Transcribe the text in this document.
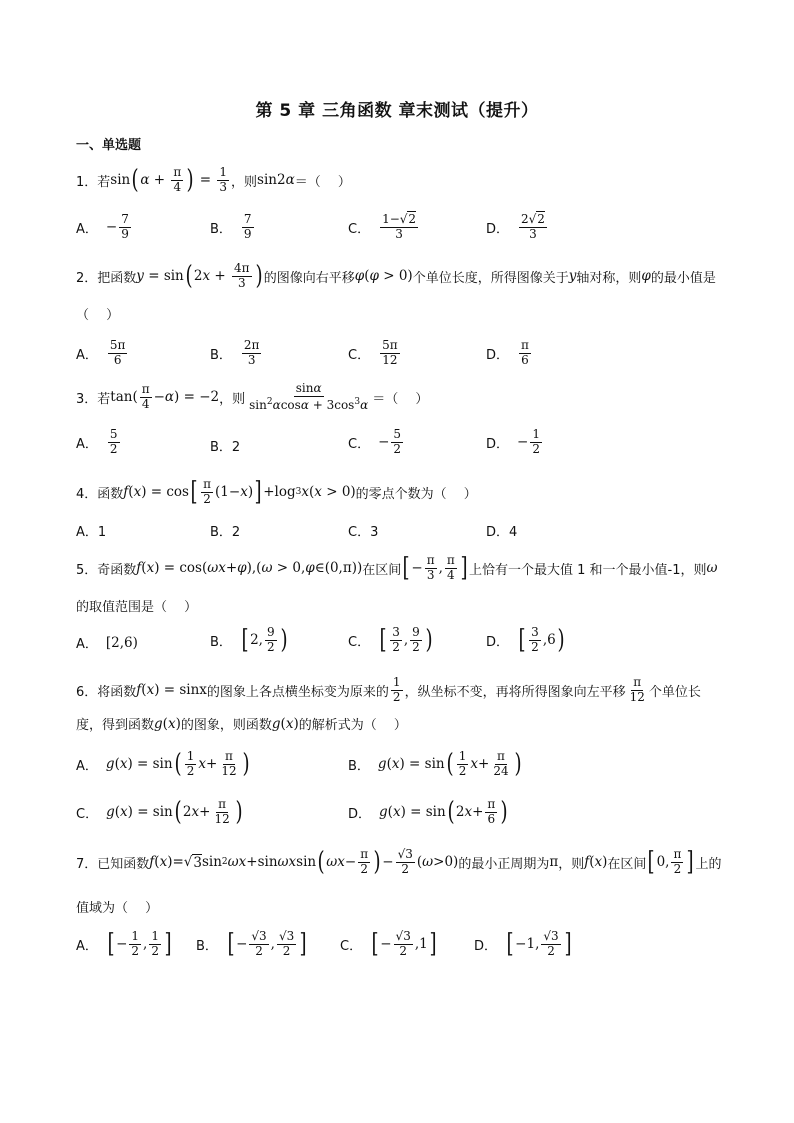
第 5 章 三角函数 章末测试（提升）
一、单选题
1．若 sin ( $\alpha + \frac{\pi}{4}$ ) = $\frac{1}{3}$ ，则 sin2α ＝（　 ）
A． − $\frac{7}{9}$	B． $\frac{7}{9}$	C． $\frac{1-√2}{3}$	D． $\frac{2√2}{3}$
2．把函数 y = sin ( 2 $x + \frac{4\pi}{3}$ ) 的图像向右平移 φ ( φ > 0) 个单位长度，所得图像关于 y 轴对称，则 φ 的最小值是
（　 ）
A． $\frac{5\pi}{6}$	B． $\frac{2\pi}{3}$	C． $\frac{5\pi}{12}$	D． $\frac{\pi}{6}$
3．若 $\tan( \frac{\pi}{4} - \alpha$ ) = −2 ，则 $\frac{\sin\alpha}{\sin^2\alpha\cos\alpha + 3\cos^3\alpha}$ ＝（　 ）
A． $\frac{5}{2}$	B．2	C． − $\frac{5}{2}$	D． − $\frac{1}{2}$
4．函数 f ( x ) = cos [ $\frac{\pi}{2} (1- x$ ) ] +log 3 x ( x > 0) 的零点个数为（　 ）
A．1	B．2	C．3	D．4
5．奇函数 f ( x ) = cos( ωx + φ ),( ω > 0, φ ∈(0,π)) 在区间 [ − $\frac{\pi}{3}$ , $\frac{\pi}{4}$ ] 上恰有一个最大值 1 和一个最小值-1，则 ω
的取值范围是（　 ）
A． [2,6)	B． [ 2, $\frac{9}{2}$ )	C． [ $\frac{3}{2}$ , $\frac{9}{2}$ )	D． [ $\frac{3}{2} ,6$ )
6．将函数 f ( x ) = sinx 的图象上各点横坐标变为原来的 $\frac{1}{2}$ ，纵坐标不变，再将所得图象向左平移 $\frac{\pi}{12}$ 个单位长
度，得到函数 g ( x ) 的图象，则函数 g ( x ) 的解析式为（　 ）
A． g ( x ) = sin ( $\frac{1}{2}$ $x + \frac{\pi}{12}$ )	B． g ( x ) = sin ( $\frac{1}{2}$ $x + \frac{\pi}{24}$ )
C． g ( x ) = sin ( 2 $x + \frac{\pi}{12}$ )	D． g ( x ) = sin ( 2 $x + \frac{\pi}{6}$ )
7．已知函数 f ( x )=√ 3 sin 2 ωx +sin ωx sin ( $\omega x - \frac{\pi}{2}$ ) − $\frac{√3}{2}$ ( ω >0) 的最小正周期为 π ，则 f ( x ) 在区间 [ 0, $\frac{\pi}{2}$ ] 上的
值域为（　 ）
A． [ − $\frac{1}{2}$ , $\frac{1}{2}$ ] B． [ − $\frac{√3}{2}$ , $\frac{√3}{2}$ ]	C． [ − $\frac{√3}{2} ,1$ ]	D． [ −1, $\frac{√3}{2}$ ]
